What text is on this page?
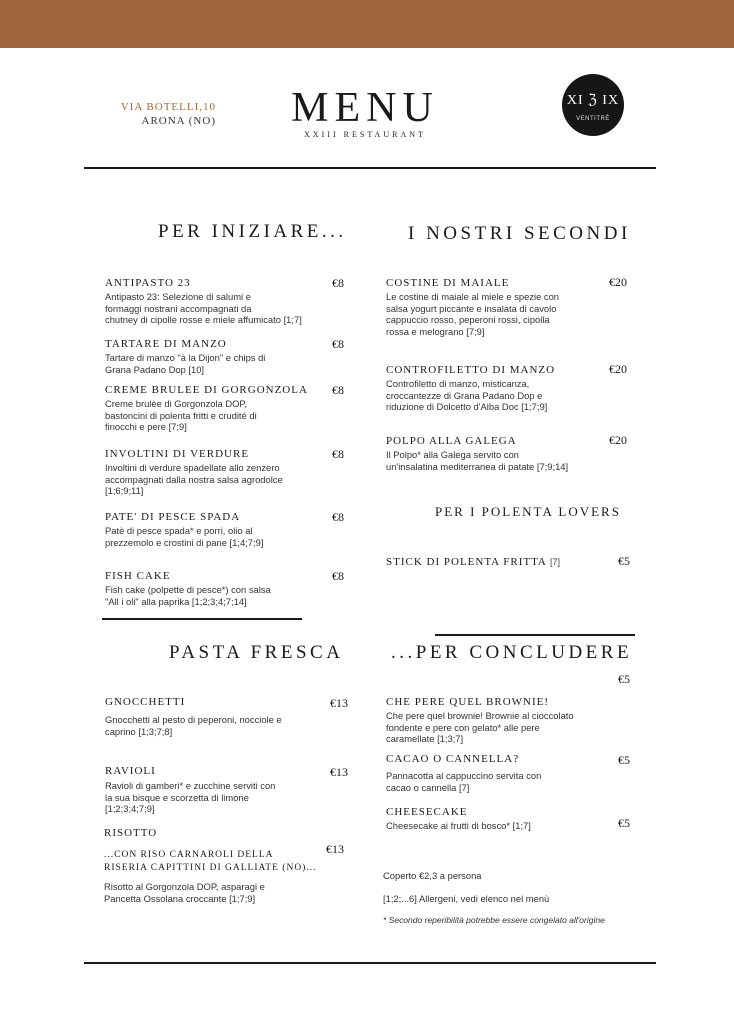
VIA BOTELLI,10
ARONA (NO) MENU
XXIII RESTAURANT
XI ℨ IX
VENTITRÉ
PER INIZIARE...	I NOSTRI SECONDI
PER I POLENTA LOVERS
PASTA FRESCA	...PER CONCLUDERE
ANTIPASTO 23
Antipasto 23: Selezione di salumi e
formaggi nostrani accompagnati da
chutney di cipolle rosse e miele affumicato [1;7]
€8
TARTARE DI MANZO
Tartare di manzo "à la Dijon" e chips di
Grana Padano Dop [10]
€8
CREME BRULEE DI GORGONZOLA
Creme brulèe di Gorgonzola DOP,
bastoncini di polenta fritti e crudité di
finocchi e pere [7;9]
€8
INVOLTINI DI VERDURE
Involtini di verdure spadellate allo zenzero
accompagnati dalla nostra salsa agrodolce
[1;6;9;11]
€8
PATE' DI PESCE SPADA
Patè di pesce spada* e porri, olio al
prezzemolo e crostini di pane [1;4;7;9]
€8
FISH CAKE
Fish cake (polpette di pesce*) con salsa
"All i oli" alla paprika [1;2;3;4;7;14]
€8
COSTINE DI MAIALE
Le costine di maiale al miele e spezie con
salsa yogurt piccante e insalata di cavolo
cappuccio rosso, peperoni rossi, cipolla
rossa e melograno [7;9]
€20
CONTROFILETTO DI MANZO
Controfiletto di manzo, misticanza,
croccantezze di Grana Padano Dop e
riduzione di Dolcetto d'Alba Doc [1;7;9]
€20
POLPO ALLA GALEGA
Il Polpo* alla Galega servito con
un'insalatina mediterranea di patate [7;9;14]
€20
STICK DI POLENTA FRITTA [7]	€5
GNOCCHETTI
Gnocchetti al pesto di peperoni, nocciole e
caprino [1;3;7;8]
€13
RAVIOLI
Ravioli di gamberi* e zucchine serviti con
la sua bisque e scorzetta di limone
[1;2;3;4;7;9]
€13
RISOTTO
...CON RISO CARNAROLI DELLA
RISERIA CAPITTINI DI GALLIATE (NO)...
Risotto al Gorgonzola DOP, asparagi e
Pancetta Ossolana croccante [1;7;9]
€13
€5
CHE PERE QUEL BROWNIE!
Che pere quel brownie! Brownie al cioccolato
fondente e pere con gelato* alle pere
caramellate [1;3;7]
CACAO O CANNELLA?
Pannacotta al cappuccino servita con
cacao o cannella [7]
€5
CHEESECAKE
Cheesecake ai frutti di bosco* [1;7]	€5
Coperto €2,3 a persona
[1;2;...6] Allergeni, vedi elenco nel menù
* Secondo reperibilità potrebbe essere congelato all'origine
